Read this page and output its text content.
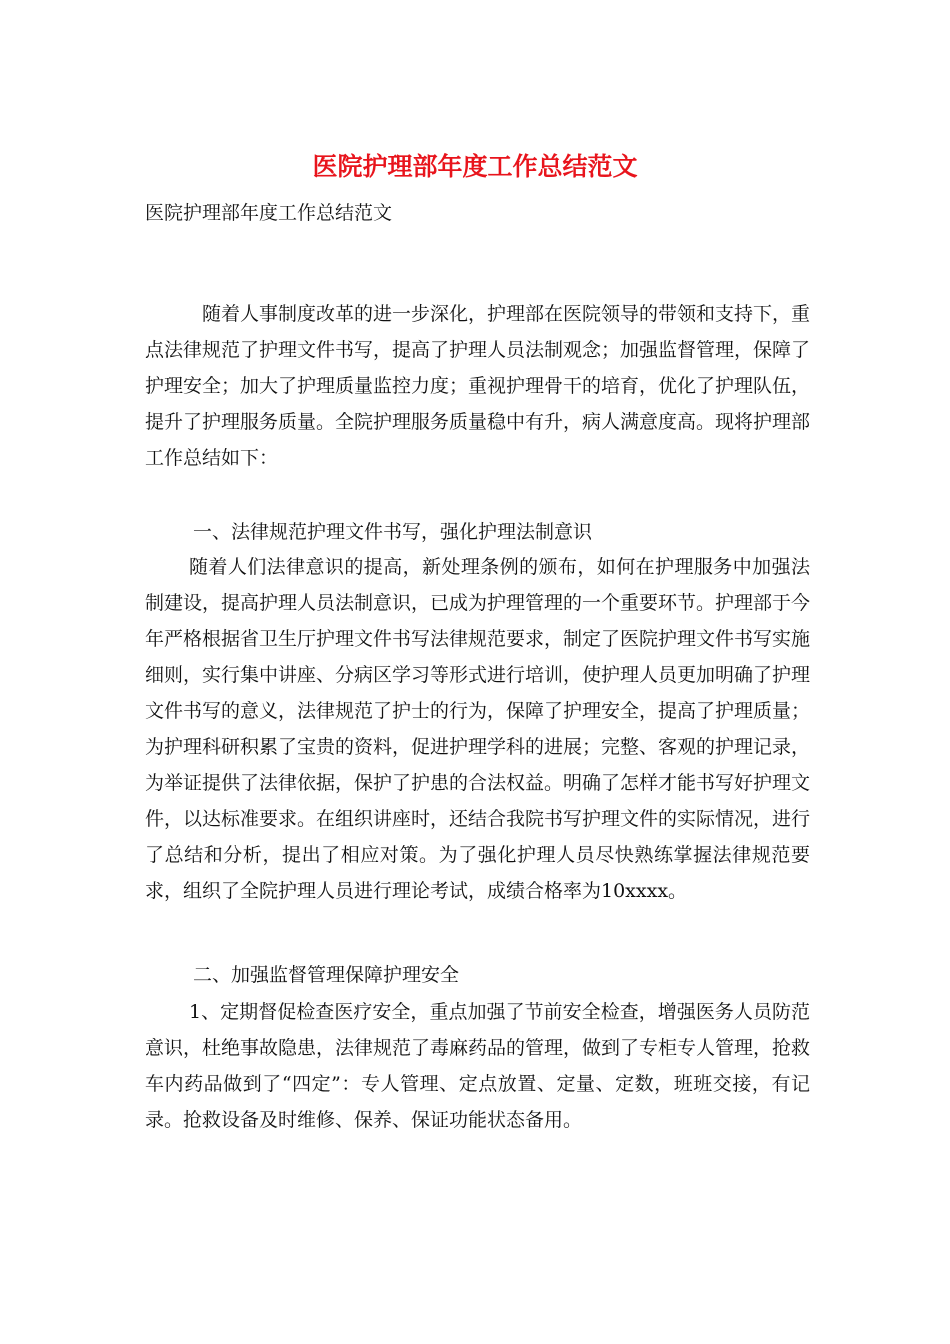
医院护理部年度工作总结范文

医院护理部年度工作总结范文

随着人事制度改革的进一步深化，护理部在医院领导的带领和支持下，重点法律规范了护理文件书写，提高了护理人员法制观念；加强监督管理，保障了护理安全；加大了护理质量监控力度；重视护理骨干的培育，优化了护理队伍，提升了护理服务质量。全院护理服务质量稳中有升，病人满意度高。现将护理部工作总结如下：

一、法律规范护理文件书写，强化护理法制意识

随着人们法律意识的提高，新处理条例的颁布，如何在护理服务中加强法制建设，提高护理人员法制意识，已成为护理管理的一个重要环节。护理部于今年严格根据省卫生厅护理文件书写法律规范要求，制定了医院护理文件书写实施细则，实行集中讲座、分病区学习等形式进行培训，使护理人员更加明确了护理文件书写的意义，法律规范了护士的行为，保障了护理安全，提高了护理质量；为护理科研积累了宝贵的资料，促进护理学科的进展；完整、客观的护理记录，为举证提供了法律依据，保护了护患的合法权益。明确了怎样才能书写好护理文件，以达标准要求。在组织讲座时，还结合我院书写护理文件的实际情况，进行了总结和分析，提出了相应对策。为了强化护理人员尽快熟练掌握法律规范要求，组织了全院护理人员进行理论考试，成绩合格率为10xxxx。

二、加强监督管理保障护理安全

1、定期督促检查医疗安全，重点加强了节前安全检查，增强医务人员防范意识，杜绝事故隐患，法律规范了毒麻药品的管理，做到了专柜专人管理，抢救车内药品做到了“四定”：专人管理、定点放置、定量、定数，班班交接，有记录。抢救设备及时维修、保养、保证功能状态备用。
